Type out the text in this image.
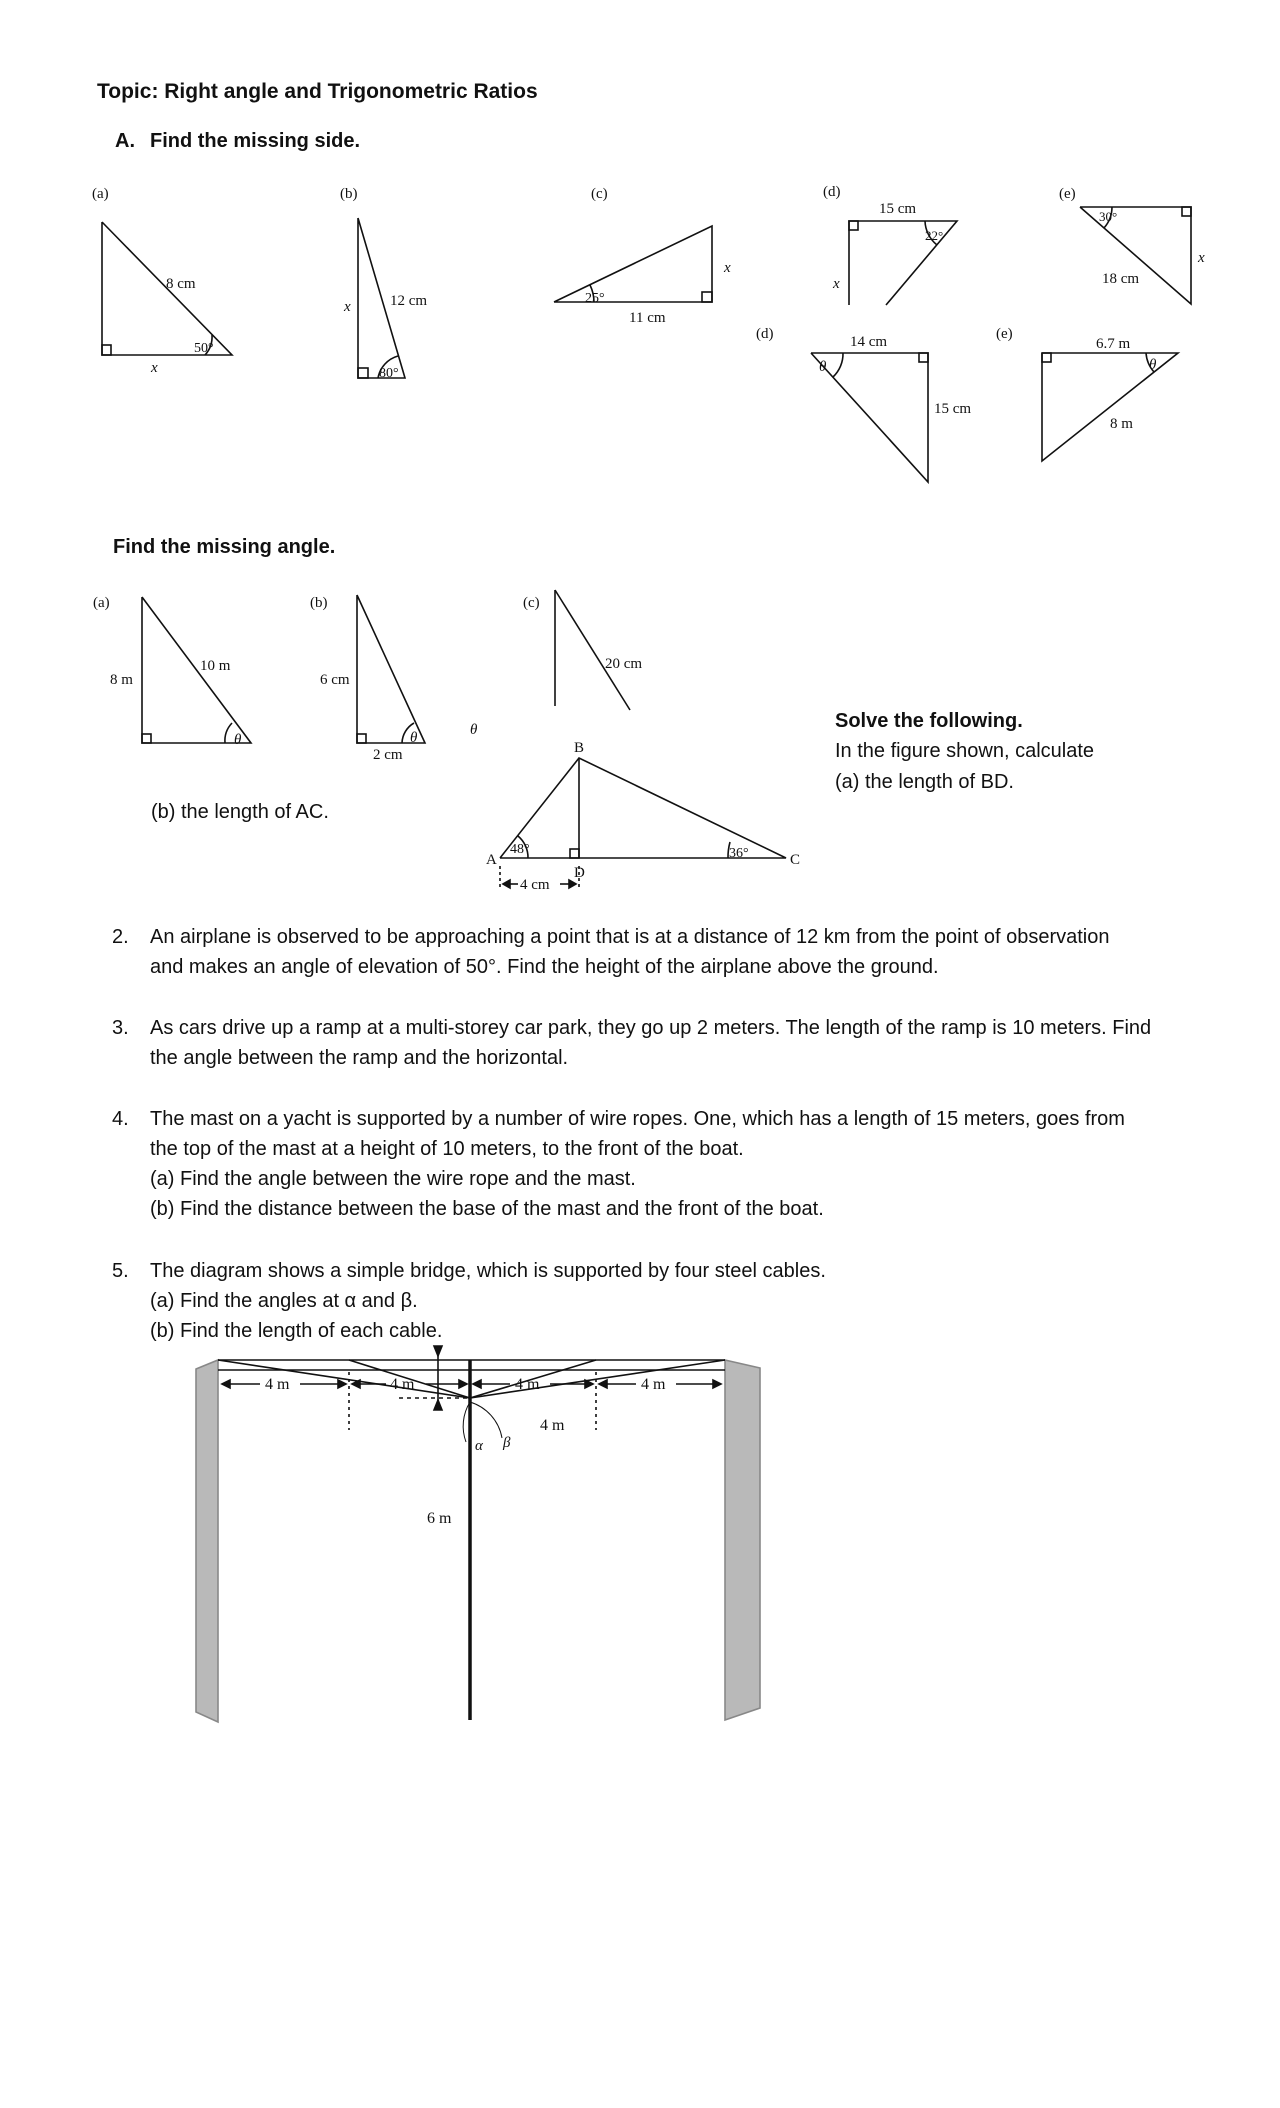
Topic: Right angle and Trigonometric Ratios
A. Find the missing side.
Find the missing angle.
Solve the following.
In the figure shown, calculate
(a) the length of BD.
(b) the length of AC.
(a)
8 cm
50°
x
(b)
12 cm
80°
x
(c)
11 cm
25°
x
(d)
15 cm
22°
x
(e)
18 cm
30°
x
(d)	14 cm
15 cm
θ
(e)
6.7 m
8 m
θ
(a)
8 m
10 m
θ
(b)
6 cm
2 cm
θ
(c)
20 cm
θ
A
B
C
D
48°	36°
4 cm
6 m
α β
4 m	4 m	4 m	4 m
4 m
2. An airplane is observed to be approaching a point that is at a distance of 12 km from the point of observation
and makes an angle of elevation of 50°. Find the height of the airplane above the ground.
3. As cars drive up a ramp at a multi-storey car park, they go up 2 meters. The length of the ramp is 10 meters. Find
the angle between the ramp and the horizontal.
4. The mast on a yacht is supported by a number of wire ropes. One, which has a length of 15 meters, goes from
the top of the mast at a height of 10 meters, to the front of the boat.
(a) Find the angle between the wire rope and the mast.
(b) Find the distance between the base of the mast and the front of the boat.
5. The diagram shows a simple bridge, which is supported by four steel cables.
(a) Find the angles at α and β.
(b) Find the length of each cable.
